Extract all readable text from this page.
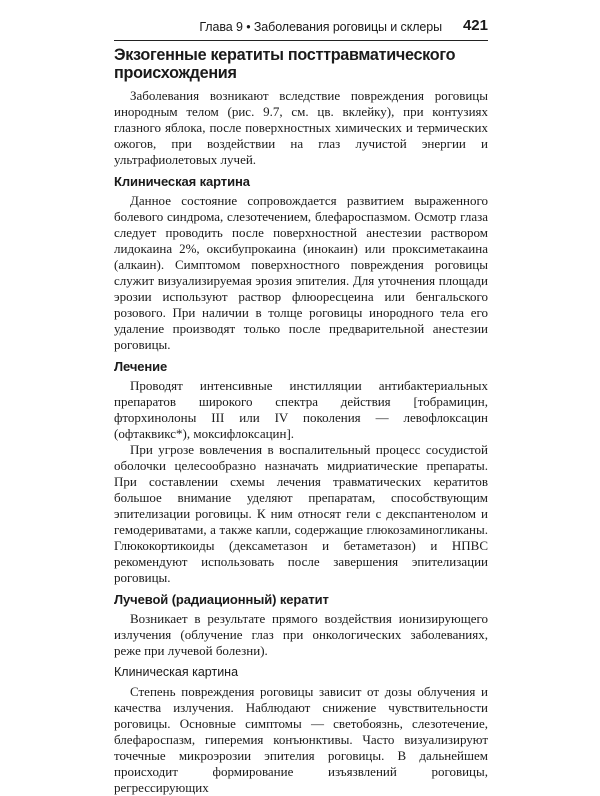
Глава 9 • Заболевания роговицы и склеры 421
Экзогенные кератиты посттравматического происхождения

Заболевания возникают вследствие повреждения роговицы инородным телом (рис. 9.7, см. цв. вклейку), при контузиях глазного яблока, после поверхностных химических и термических ожогов, при воздействии на глаз лучистой энергии и ультрафиолетовых лучей.

Клиническая картина

Данное состояние сопровождается развитием выраженного болевого синдрома, слезотечением, блефароспазмом. Осмотр глаза следует проводить после поверхностной анестезии раствором лидокаина 2%, оксибупрокаина (инокаин) или проксиметакаина (алкаин). Симптомом поверхностного повреждения роговицы служит визуализируемая эрозия эпителия. Для уточнения площади эрозии используют раствор флюоресцеина или бенгальского розового. При наличии в толще роговицы инородного тела его удаление производят только после предварительной анестезии роговицы.

Лечение

Проводят интенсивные инстилляции антибактериальных препаратов широкого спектра действия [тобрамицин, фторхинолоны III или IV поколения — левофлоксацин (офтаквикс*), моксифлоксацин].

При угрозе вовлечения в воспалительный процесс сосудистой оболочки целесообразно назначать мидриатические препараты. При составлении схемы лечения травматических кератитов большое внимание уделяют препаратам, способствующим эпителизации роговицы. К ним относят гели с декспантенолом и гемодериватами, а также капли, содержащие глюкозаминогликаны. Глюкокортикоиды (дексаметазон и бетаметазон) и НПВС рекомендуют использовать после завершения эпителизации роговицы.

Лучевой (радиационный) кератит

Возникает в результате прямого воздействия ионизирующего излучения (облучение глаз при онкологических заболеваниях, реже при лучевой болезни).

Клиническая картина

Степень повреждения роговицы зависит от дозы облучения и качества излучения. Наблюдают снижение чувствительности роговицы. Основные симптомы — светобоязнь, слезотечение, блефароспазм, гиперемия конъюнктивы. Часто визуализируют точечные микроэрозии эпителия роговицы. В дальнейшем происходит формирование изъязвлений роговицы, регрессирующих
